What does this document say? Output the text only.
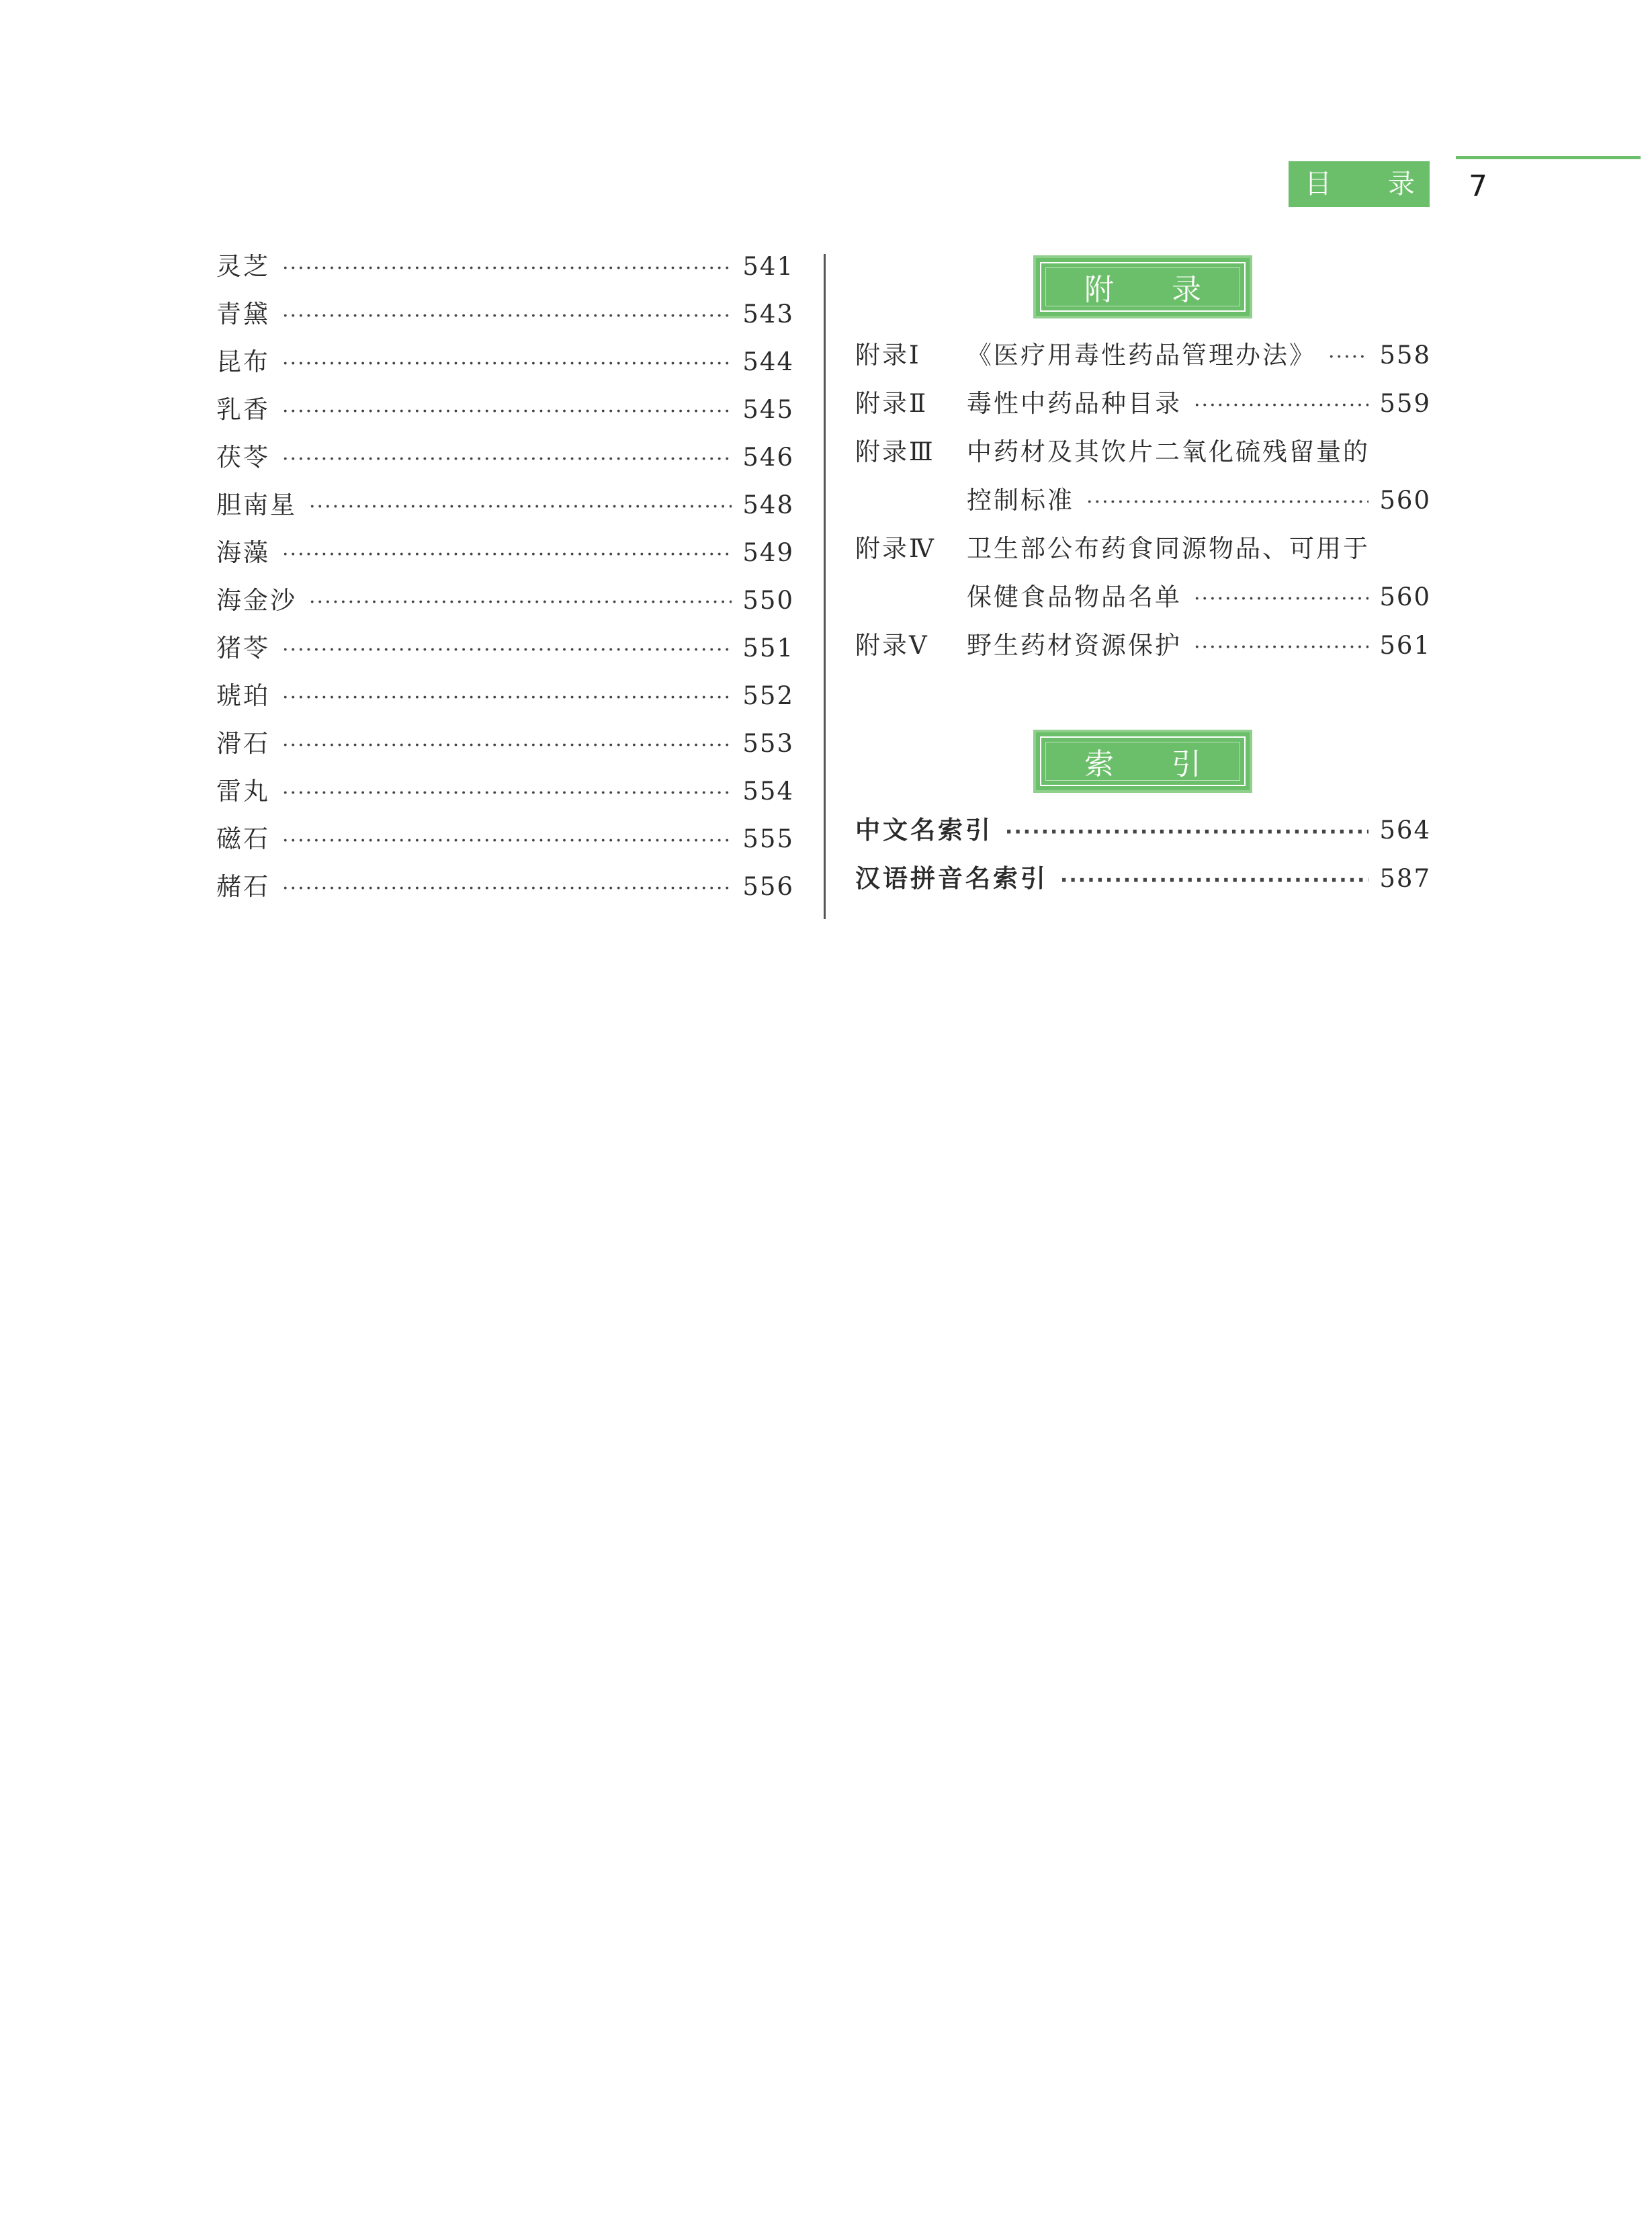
目 录 7
灵芝 ·····	541
青黛 ·····	543
昆布 ·····	544
乳香 ·····	545
茯苓 ·····	546
胆南星 ·····	548
海藻 ·····	549
海金沙 ·····	550
猪苓 ·····	551
琥珀 ·····	552
滑石 ·····	553
雷丸 ·····	554
磁石 ·····	555
赭石 ·····	556
附 录
附录Ⅰ	《医疗用毒性药品管理办法》 ·····	558
附录Ⅱ	毒性中药品种目录 ·····	559
附录Ⅲ	中药材及其饮片二氧化硫残留量的
控制标准 ·····	560
附录Ⅳ	卫生部公布药食同源物品、可用于
保健食品物品名单 ·····	560
附录Ⅴ	野生药材资源保护 ·····	561
索 引
中文名索引 ·····	564
汉语拼音名索引 ·····	587
